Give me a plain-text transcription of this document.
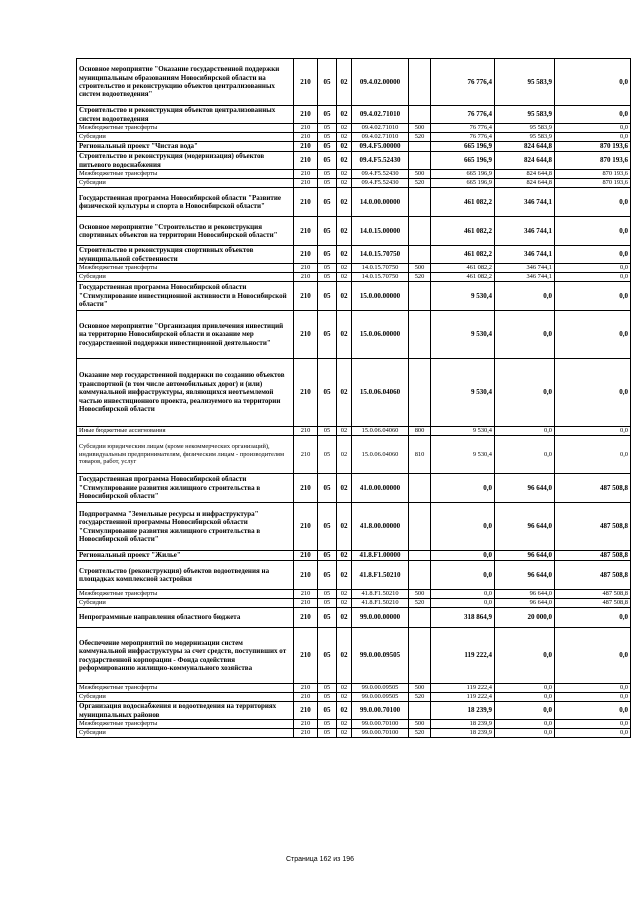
Основное мероприятие "Оказание государственной поддержки муниципальным образованиям Новосибирской области на строительство и реконструкцию объектов централизованных систем водоотведения"	210	05	02	09.4.02.00000		76 776,4	95 583,9	0,0
Строительство и реконструкция объектов централизованных систем водоотведения	210	05	02	09.4.02.71010		76 776,4	95 583,9	0,0
Межбюджетные трансферты	210	05	02	09.4.02.71010	500	76 776,4	95 583,9	0,0
Субсидии	210	05	02	09.4.02.71010	520	76 776,4	95 583,9	0,0
Региональный проект "Чистая вода"	210	05	02	09.4.F5.00000		665 196,9	824 644,8	870 193,6
Строительство и реконструкция (модернизация) объектов питьевого водоснабжения	210	05	02	09.4.F5.52430		665 196,9	824 644,8	870 193,6
Межбюджетные трансферты	210	05	02	09.4.F5.52430	500	665 196,9	824 644,8	870 193,6
Субсидии	210	05	02	09.4.F5.52430	520	665 196,9	824 644,8	870 193,6
Государственная программа Новосибирской области "Развитие физической культуры и спорта в Новосибирской области"	210	05	02	14.0.00.00000		461 082,2	346 744,1	0,0
Основное мероприятие "Строительство и реконструкция спортивных объектов на территории Новосибирской области"	210	05	02	14.0.15.00000		461 082,2	346 744,1	0,0
Строительство и реконструкция спортивных объектов муниципальной собственности	210	05	02	14.0.15.70750		461 082,2	346 744,1	0,0
Межбюджетные трансферты	210	05	02	14.0.15.70750	500	461 082,2	346 744,1	0,0
Субсидии	210	05	02	14.0.15.70750	520	461 082,2	346 744,1	0,0
Государственная программа Новосибирской области "Стимулирование инвестиционной активности в Новосибирской области"	210	05	02	15.0.00.00000		9 530,4	0,0	0,0
Основное мероприятие "Организация привлечения инвестиций на территорию Новосибирской области и оказание мер государственной поддержки инвестиционной деятельности"	210	05	02	15.0.06.00000		9 530,4	0,0	0,0
Оказание мер государственной поддержки по созданию объектов транспортной (в том числе автомобильных дорог) и (или) коммунальной инфраструктуры, являющихся неотъемлемой частью инвестиционного проекта, реализуемого на территории Новосибирской области	210	05	02	15.0.06.04060		9 530,4	0,0	0,0
Иные бюджетные ассигнования	210	05	02	15.0.06.04060	800	9 530,4	0,0	0,0
Субсидии юридическим лицам (кроме некоммерческих организаций), индивидуальным предпринимателям, физическим лицам - производителям товаров, работ, услуг	210	05	02	15.0.06.04060	810	9 530,4	0,0	0,0
Государственная программа Новосибирской области "Стимулирование развития жилищного строительства в Новосибирской области"	210	05	02	41.0.00.00000		0,0	96 644,0	487 508,8
Подпрограмма "Земельные ресурсы и инфраструктура" государственной программы Новосибирской области "Стимулирование развития жилищного строительства в Новосибирской области"	210	05	02	41.8.00.00000		0,0	96 644,0	487 508,8
Региональный проект "Жилье"	210	05	02	41.8.F1.00000		0,0	96 644,0	487 508,8
Строительство (реконструкция) объектов водоотведения на площадках комплексной застройки	210	05	02	41.8.F1.50210		0,0	96 644,0	487 508,8
Межбюджетные трансферты	210	05	02	41.8.F1.50210	500	0,0	96 644,0	487 508,8
Субсидии	210	05	02	41.8.F1.50210	520	0,0	96 644,0	487 508,8
Непрограммные направления областного бюджета	210	05	02	99.0.00.00000		318 864,9	20 000,0	0,0
Обеспечение мероприятий по модернизации систем коммунальной инфраструктуры за счет средств, поступивших от государственной корпорации - Фонда содействия реформированию жилищно-коммунального хозяйства	210	05	02	99.0.00.09505		119 222,4	0,0	0,0
Межбюджетные трансферты	210	05	02	99.0.00.09505	500	119 222,4	0,0	0,0
Субсидии	210	05	02	99.0.00.09505	520	119 222,4	0,0	0,0
Организация водоснабжения и водоотведения на территориях муниципальных районов	210	05	02	99.0.00.70100		18 239,9	0,0	0,0
Межбюджетные трансферты	210	05	02	99.0.00.70100	500	18 239,9	0,0	0,0
Субсидии	210	05	02	99.0.00.70100	520	18 239,9	0,0	0,0
Страница 162 из 196
